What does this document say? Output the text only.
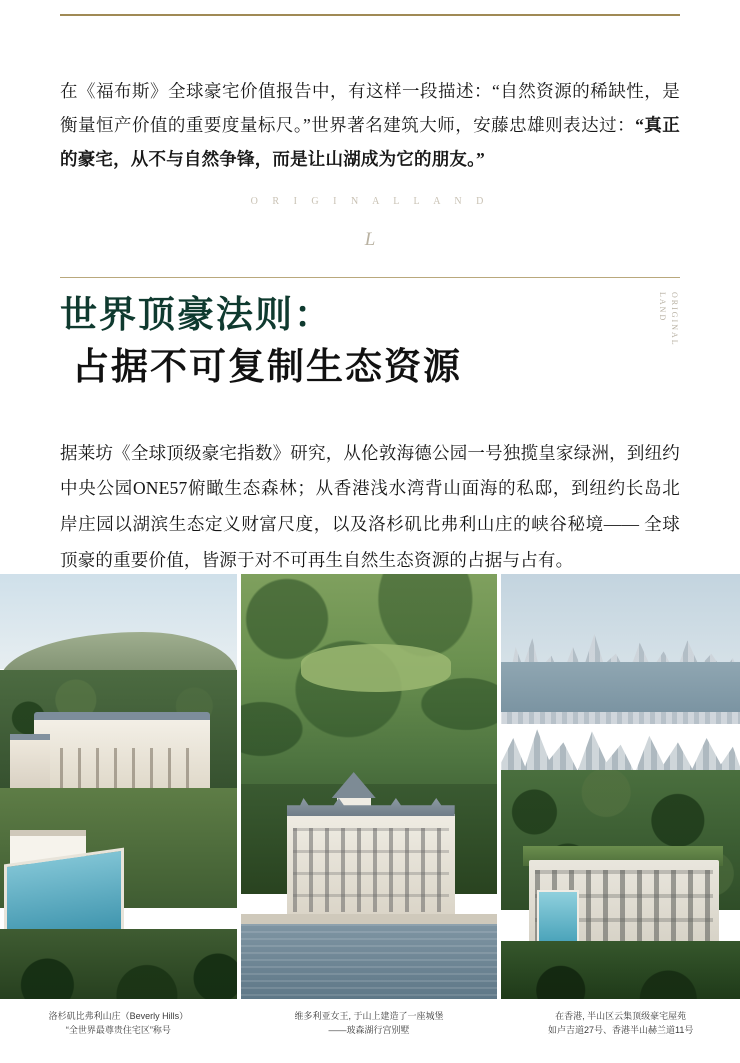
在《福布斯》全球豪宅价值报告中，有这样一段描述：“自然资源的稀缺性，是衡量恒产价值的重要度量标尺。”世界著名建筑大师，安藤忠雄则表达过：“真正的豪宅，从不与自然争锋，而是让山湖成为它的朋友。”

O R I G I N A L L A N D
L
世界顶豪法则：
占据不可复制生态资源
ORIGINAL LAND

据莱坊《全球顶级豪宅指数》研究，从伦敦海德公园一号独揽皇家绿洲，到纽约中央公园ONE57俯瞰生态森林；从香港浅水湾背山面海的私邸，到纽约长岛北岸庄园以湖滨生态定义财富尺度，以及洛杉矶比弗利山庄的峡谷秘境—— 全球顶豪的重要价值，皆源于对不可再生自然生态资源的占据与占有。

洛杉矶比弗利山庄（Beverly Hills）
“全世界最尊贵住宅区”称号
维多利亚女王, 于山上建造了一座城堡
——玻森湖行宫别墅
在香港, 半山区云集顶级豪宅屋苑
如卢吉道27号、香港半山赫兰道11号
